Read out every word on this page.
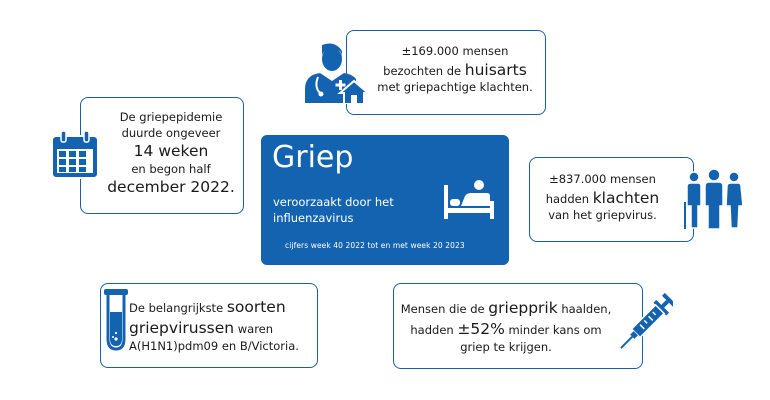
Griep
veroorzaakt door het influenzavirus
cijfers week 40 2022 tot en met week 20 2023
±169.000 mensen
bezochten de huisarts
met griepachtige klachten.
De griepepidemie
duurde ongeveer
14 weken
en begon half
december 2022.	±837.000 mensen
hadden klachten
van het griepvirus.
De belangrijkste soorten
griepvirussen waren
A(H1N1)pdm09 en B/Victoria.
Mensen die de griepprik haalden,
hadden ±52% minder kans om
griep te krijgen.
